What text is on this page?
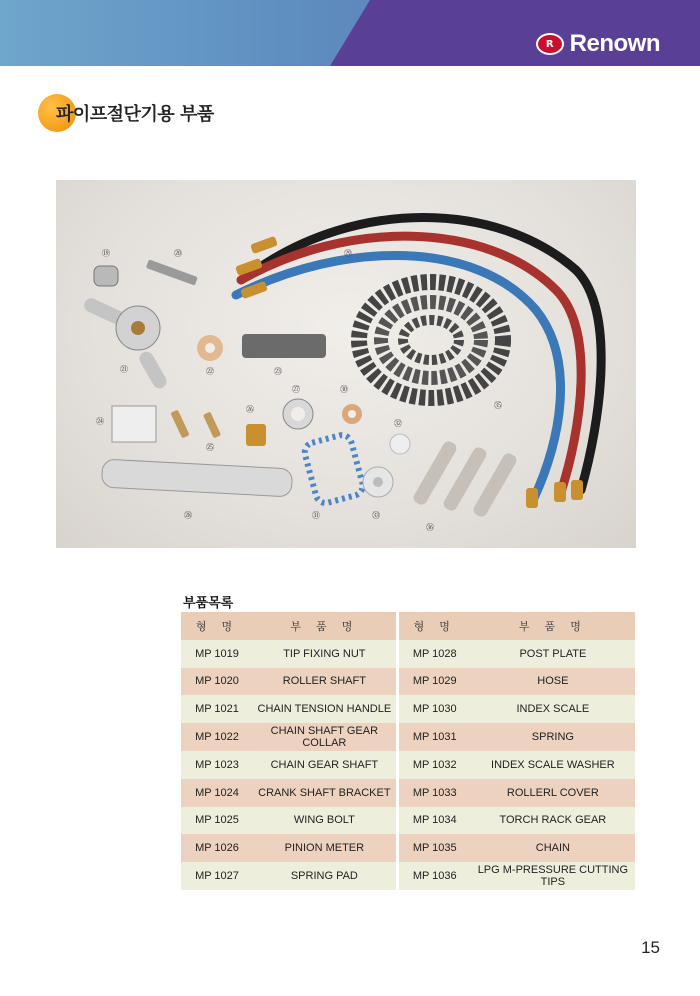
R Renown
파이프절단기용 부품
⑲	⑳
㉑	㉒	㉓
㉔
㉕
㉖
㉗
㉘
㉙
㉚
㉛
㉜
㉝
㉟
㊱
부품목록
형 명	부 품 명		형 명	부 품 명
MP 1019	TIP FIXING NUT		MP 1028	POST PLATE
MP 1020	ROLLER SHAFT		MP 1029	HOSE
MP 1021	CHAIN TENSION HANDLE		MP 1030	INDEX SCALE
MP 1022	CHAIN SHAFT GEAR COLLAR		MP 1031	SPRING
MP 1023	CHAIN GEAR SHAFT		MP 1032	INDEX SCALE WASHER
MP 1024	CRANK SHAFT BRACKET		MP 1033	ROLLERL COVER
MP 1025	WING BOLT		MP 1034	TORCH RACK GEAR
MP 1026	PINION METER		MP 1035	CHAIN
MP 1027	SPRING PAD		MP 1036	LPG M-PRESSURE CUTTING TIPS
15
